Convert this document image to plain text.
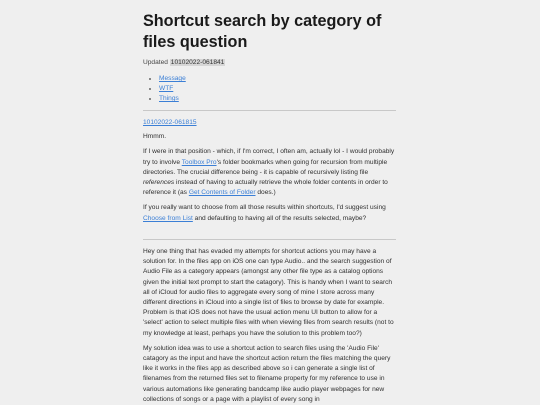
Shortcut search by category of files question
Updated 10102022-061841
• Message
• WTF
• Things

10102022-061815

Hmmm.

If I were in that position - which, if I'm correct, I often am, actually lol - I would probably try to involve Toolbox Pro's folder bookmarks when going for recursion from multiple directories. The crucial difference being - it is capable of recursively listing file references instead of having to actually retrieve the whole folder contents in order to reference it (as Get Contents of Folder does.)

If you really want to choose from all those results within shortcuts, I'd suggest using Choose from List and defaulting to having all of the results selected, maybe?

Hey one thing that has evaded my attempts for shortcut actions you may have a solution for. In the files app on iOS one can type Audio.. and the search suggestion of Audio File as a category appears (amongst any other file type as a catalog options given the initial text prompt to start the catagory). This is handy when I want to search all of iCloud for audio files to aggregate every song of mine I store across many different directions in iCloud into a single list of files to browse by date for example. Problem is that iOS does not have the usual action menu UI button to allow for a 'select' action to select multiple files with when viewing files from search results (not to my knowledge at least, perhaps you have the solution to this problem too?)

My solution idea was to use a shortcut action to search files using the 'Audio File' catagory as the input and have the shortcut action return the files matching the query like it works in the files app as described above so i can generate a single list of filenames from the returned files set to filename property for my reference to use in various automations like generating bandcamp like audio player webpages for new collections of songs or a page with a playlist of every song in
